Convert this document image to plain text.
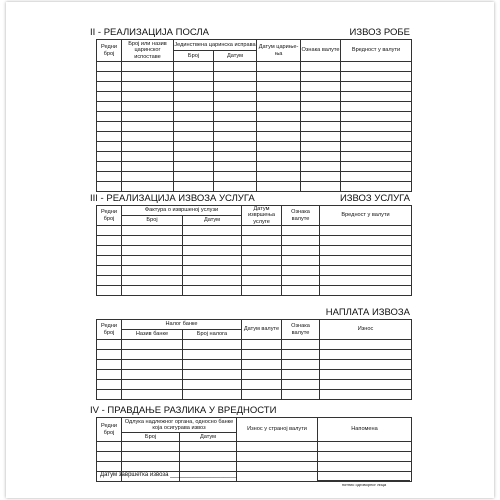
II - РЕАЛИЗАЦИЈА ПОСЛА	ИЗВОЗ РОБЕ
Редни број	Број или назив царинског испоставе	Јединствена царинска исправа		Датум царињења	Ознака валуте	Вредност у валути
		Број	Датум			

III - РЕАЛИЗАЦИЈА ИЗВОЗА УСЛУГА	ИЗВОЗ УСЛУГА
Редни број	Фактура о извршеној услузи		Датум извршења услуге	Ознака валуте	Вредност у валути
	Број	Датум			

НАПЛАТА ИЗВОЗА
Редни број	Налог банке		Датум валуте	Ознака валуте	Износ
	Назив банке	Број налога			

IV - ПРАВДАЊЕ РАЗЛИКА У ВРЕДНОСТИ
Редни број	Одлука надлежног органа, односно банке која осигурава извоз		Износ у страној валути	Напомена
	Број	Датум		

Датум завршетка извоза ____________________
потпис одговорног лица
